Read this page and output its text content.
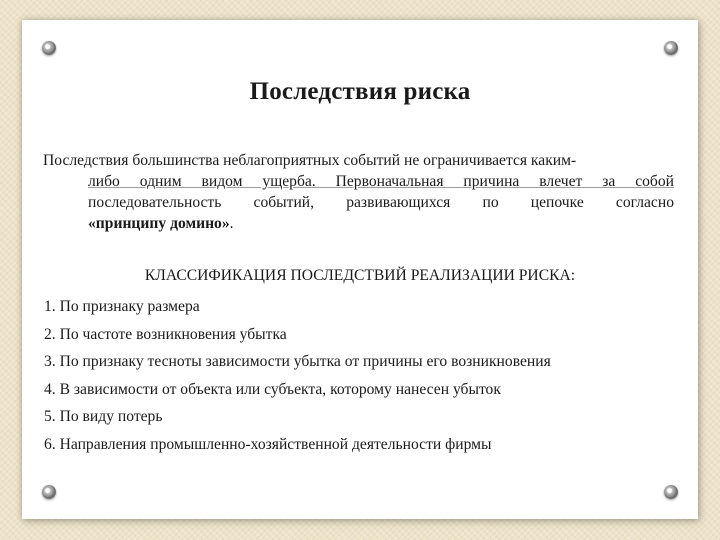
Последствия риска

Последствия большинства неблагоприятных событий не ограничивается каким-
либо одним видом ущерба. Первоначальная причина влечет за собой
последовательность событий, развивающихся по цепочке согласно
«принципу домино».

КЛАССИФИКАЦИЯ ПОСЛЕДСТВИЙ РЕАЛИЗАЦИИ РИСКА:

1. По признаку размера
2. По частоте возникновения убытка
3. По признаку тесноты зависимости убытка от причины его возникновения
4. В зависимости от объекта или субъекта, которому нанесен убыток
5. По виду потерь
6. Направления промышленно-хозяйственной деятельности фирмы
